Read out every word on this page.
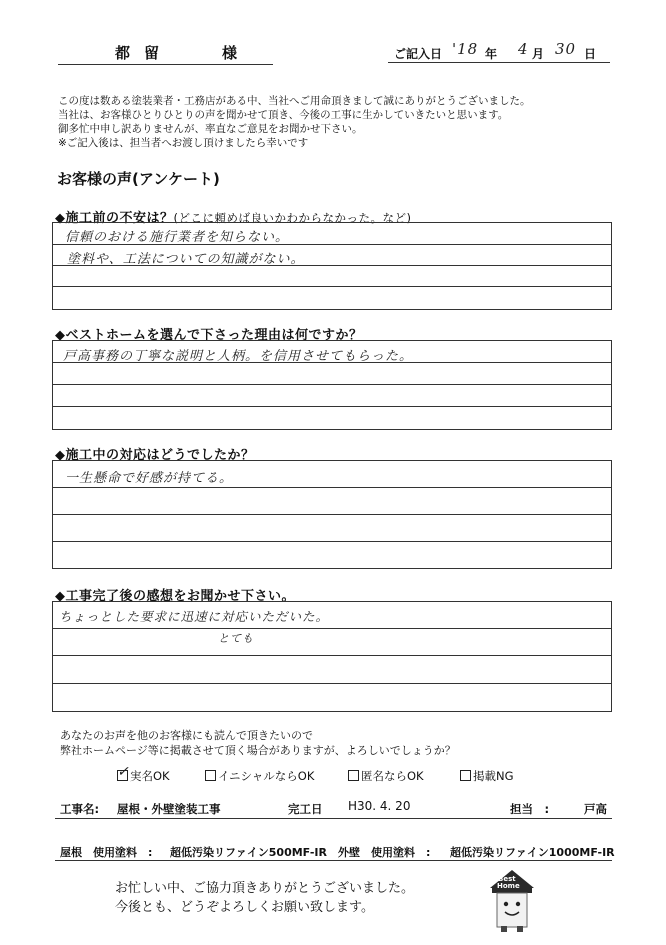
都留	様	ご記入日 '18 年 4 月 30 日
この度は数ある塗装業者・工務店がある中、当社へご用命頂きまして誠にありがとうございました。
当社は、お客様ひとりひとりの声を聞かせて頂き、今後の工事に生かしていきたいと思います。
御多忙中申し訳ありませんが、率直なご意見をお聞かせ下さい。
※ご記入後は、担当者へお渡し頂けましたら幸いです
お客様の声(アンケート)
◆施工前の不安は？(どこに頼めば良いかわからなかった。など)
信頼のおける施行業者を知らない。
塗料や、工法についての知識がない。
◆ベストホームを選んで下さった理由は何ですか？
戸高事務の丁寧な説明と人柄。を信用させてもらった。
◆施工中の対応はどうでしたか？
一生懸命で好感が持てる。
◆工事完了後の感想をお聞かせ下さい。
ちょっとした要求に迅速に対応いただいた。
とても
あなたのお声を他のお客様にも読んで頂きたいので
弊社ホームページ等に掲載させて頂く場合がありますが、よろしいでしょうか？
✓ 実名OK	イニシャルならOK	匿名ならOK	掲載NG
工事名: 屋根・外壁塗装工事	完工日 H30. 4. 20	担当　:	戸高
屋根　使用塗料　: 超低汚染リファイン500MF-IR 外壁　使用塗料　: 超低汚染リファイン1000MF-IR
お忙しい中、ご協力頂きありがとうございました。
今後とも、どうぞよろしくお願い致します。
Best
Home
